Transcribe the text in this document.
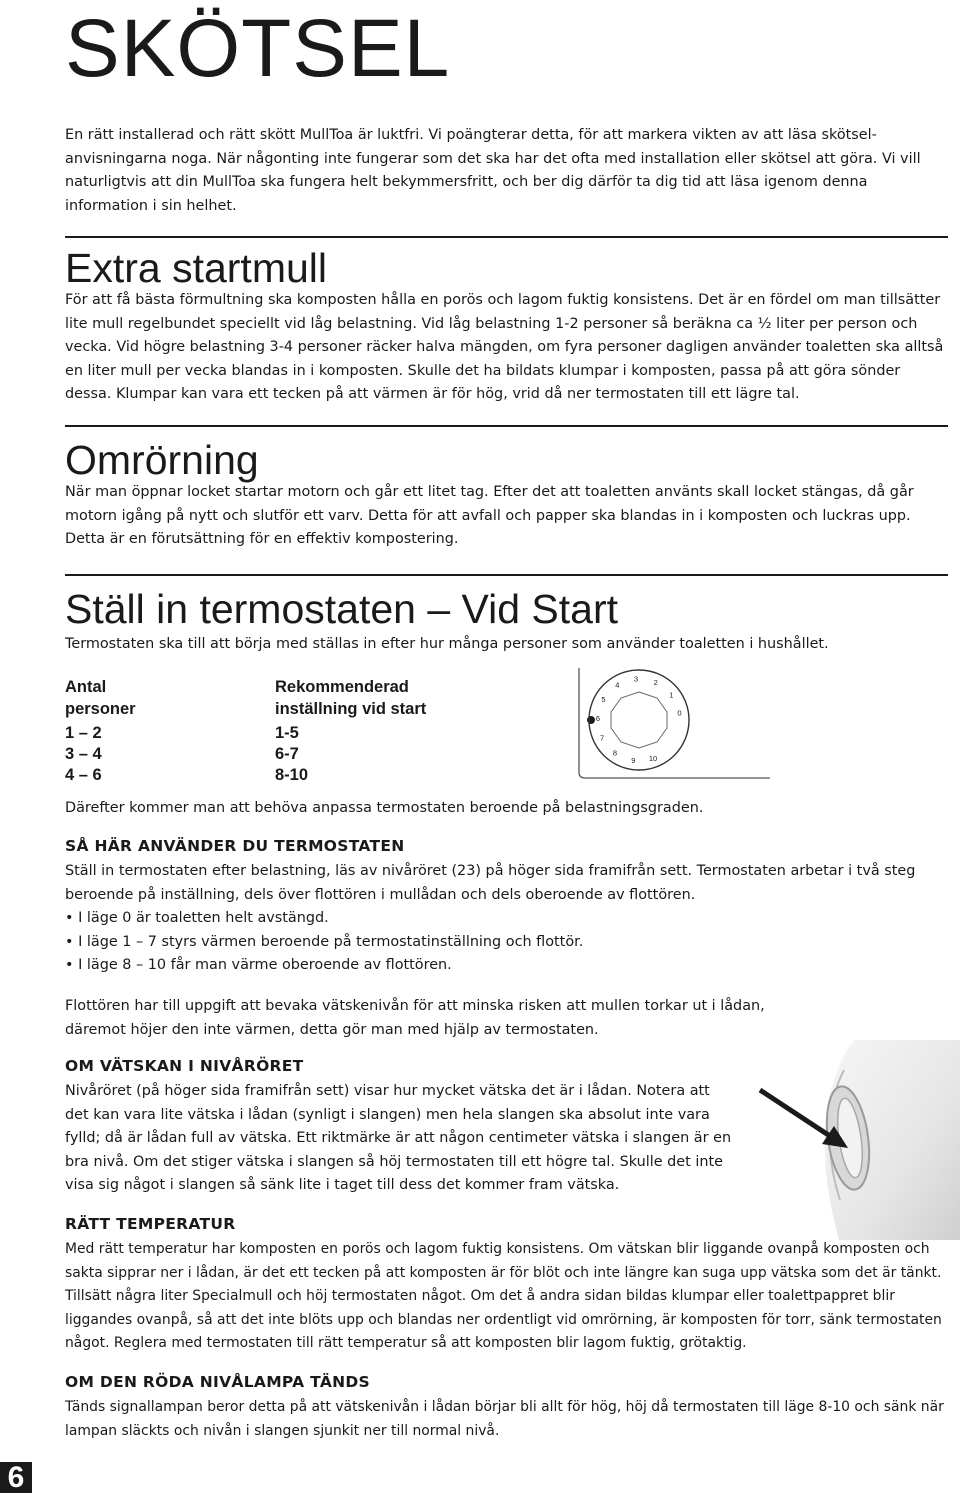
SKÖTSEL

En rätt installerad och rätt skött MullToa är luktfri. Vi poängterar detta, för att markera vikten av att läsa skötselanvisningarna noga. När någonting inte fungerar som det ska har det ofta med installation eller skötsel att göra. Vi vill naturligtvis att din MullToa ska fungera helt bekymmersfritt, och ber dig därför ta dig tid att läsa igenom denna information i sin helhet.

Extra startmull

För att få bästa förmultning ska komposten hålla en porös och lagom fuktig konsistens. Det är en fördel om man tillsätter lite mull regelbundet speciellt vid låg belastning. Vid låg belastning 1-2 personer så beräkna ca ½ liter per person och vecka. Vid högre belastning 3-4 personer räcker halva mängden, om fyra personer dagligen använder toaletten ska alltså en liter mull per vecka blandas in i komposten. Skulle det ha bildats klumpar i komposten, passa på att göra sönder dessa. Klumpar kan vara ett tecken på att värmen är för hög, vrid då ner termostaten till ett lägre tal.

Omrörning

När man öppnar locket startar motorn och går ett litet tag. Efter det att toaletten använts skall locket stängas, då går motorn igång på nytt och slutför ett varv. Detta för att avfall och papper ska blandas in i komposten och luckras upp. Detta är en förutsättning för en effektiv kompostering.

Ställ in termostaten – Vid Start

Termostaten ska till att börja med ställas in efter hur många personer som använder toaletten i hushållet.

Antal	Rekommenderad
personer	inställning vid start
1 – 2	1-5
3 – 4	6-7
4 – 6	8-10

Därefter kommer man att behöva anpassa termostaten beroende på belastningsgraden.

SÅ HÄR ANVÄNDER DU TERMOSTATEN

Ställ in termostaten efter belastning, läs av nivåröret (23) på höger sida framifrån sett. Termostaten arbetar i två steg beroende på inställning, dels över flottören i mullådan och dels oberoende av flottören.

• I läge 0 är toaletten helt avstängd.
• I läge 1 – 7 styrs värmen beroende på termostatinställning och flottör.
• I läge 8 – 10 får man värme oberoende av flottören.

Flottören har till uppgift att bevaka vätskenivån för att minska risken att mullen torkar ut i lådan, däremot höjer den inte värmen, detta gör man med hjälp av termostaten.

OM VÄTSKAN I NIVÅRÖRET

Nivåröret (på höger sida framifrån sett) visar hur mycket vätska det är i lådan. Notera att det kan vara lite vätska i lådan (synligt i slangen) men hela slangen ska absolut inte vara fylld; då är lådan full av vätska. Ett riktmärke är att någon centimeter vätska i slangen är en bra nivå. Om det stiger vätska i slangen så höj termostaten till ett högre tal. Skulle det inte visa sig något i slangen så sänk lite i taget till dess det kommer fram vätska.

RÄTT TEMPERATUR

Med rätt temperatur har komposten en porös och lagom fuktig konsistens. Om vätskan blir liggande ovanpå komposten och sakta sipprar ner i lådan, är det ett tecken på att komposten är för blöt och inte längre kan suga upp vätska som det är tänkt. Tillsätt några liter Specialmull och höj termostaten något. Om det å andra sidan bildas klumpar eller toalettpappret blir liggandes ovanpå, så att det inte blöts upp och blandas ner ordentligt vid omrörning, är komposten för torr, sänk termostaten något. Reglera med termostaten till rätt temperatur så att komposten blir lagom fuktig, grötaktig.

OM DEN RÖDA NIVÅLAMPA TÄNDS

Tänds signallampan beror detta på att vätskenivån i lådan börjar bli allt för hög, höj då termostaten till läge 8-10 och sänk när lampan släckts och nivån i slangen sjunkit ner till normal nivå.

0
1
2
3
4
5
6
7
8
9 10
6
